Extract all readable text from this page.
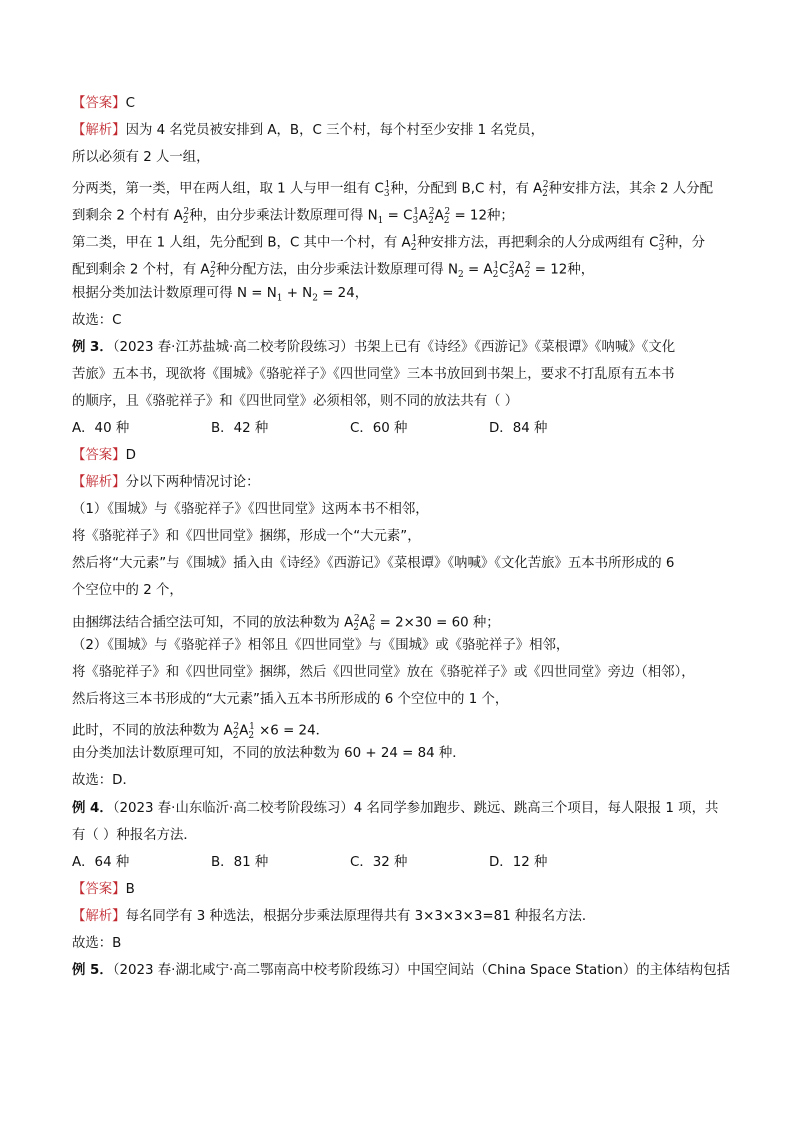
【答案】C
【解析】因为 4 名党员被安排到 A，B，C 三个村，每个村至少安排 1 名党员，
所以必须有 2 人一组，
分两类，第一类，甲在两人组，取 1 人与甲一组有 $C_3^1$种，分配到 B,C 村，有 $A_2^2$种安排方法，其余 2 人分配
到剩余 2 个村有 $A_2^2$种，由分步乘法计数原理可得 $N_1 = C_3^1A_2^2A_2^2 = 12$种；
第二类，甲在 1 人组，先分配到 B，C 其中一个村，有 $A_2^1$种安排方法，再把剩余的人分成两组有 $C_3^2$种，分
配到剩余 2 个村，有 $A_2^2$种分配方法，由分步乘法计数原理可得 $N_2 = A_2^1C_3^2A_2^2 = 12$种，
根据分类加法计数原理可得 $N = N_1 + N_2 = 24$，
故选：C
例 3．（2023 春·江苏盐城·高二校考阶段练习）书架上已有《诗经》《西游记》《菜根谭》《呐喊》《文化
苦旅》五本书，现欲将《围城》《骆驼祥子》《四世同堂》三本书放回到书架上，要求不打乱原有五本书
的顺序，且《骆驼祥子》和《四世同堂》必须相邻，则不同的放法共有（ ）
A．40 种	B．42 种	C．60 种	D．84 种
【答案】D
【解析】分以下两种情况讨论：
（1）《围城》与《骆驼祥子》《四世同堂》这两本书不相邻，
将《骆驼祥子》和《四世同堂》捆绑，形成一个“大元素”，
然后将“大元素”与《围城》插入由《诗经》《西游记》《菜根谭》《呐喊》《文化苦旅》五本书所形成的 6
个空位中的 2 个，
由捆绑法结合插空法可知，不同的放法种数为 $A_2^2A_6^2 = 2\times 30 = 60$ 种；
（2）《围城》与《骆驼祥子》相邻且《四世同堂》与《围城》或《骆驼祥子》相邻，
将《骆驼祥子》和《四世同堂》捆绑，然后《四世同堂》放在《骆驼祥子》或《四世同堂》旁边（相邻），
然后将这三本书形成的“大元素”插入五本书所形成的 6 个空位中的 1 个，
此时，不同的放法种数为 $A_2^2A_2^1 \times 6 = 24$．
由分类加法计数原理可知，不同的放法种数为 60 + 24 = 84 种．
故选：D．
例 4．（2023 春·山东临沂·高二校考阶段练习）4 名同学参加跑步、跳远、跳高三个项目，每人限报 1 项，共
有（ ）种报名方法．
A．64 种	B．81 种	C．32 种	D．12 种
【答案】B
【解析】每名同学有 3 种选法，根据分步乘法原理得共有 3×3×3×3=81 种报名方法．
故选：B
例 5．（2023 春·湖北咸宁·高二鄂南高中校考阶段练习）中国空间站（China Space Station）的主体结构包括
